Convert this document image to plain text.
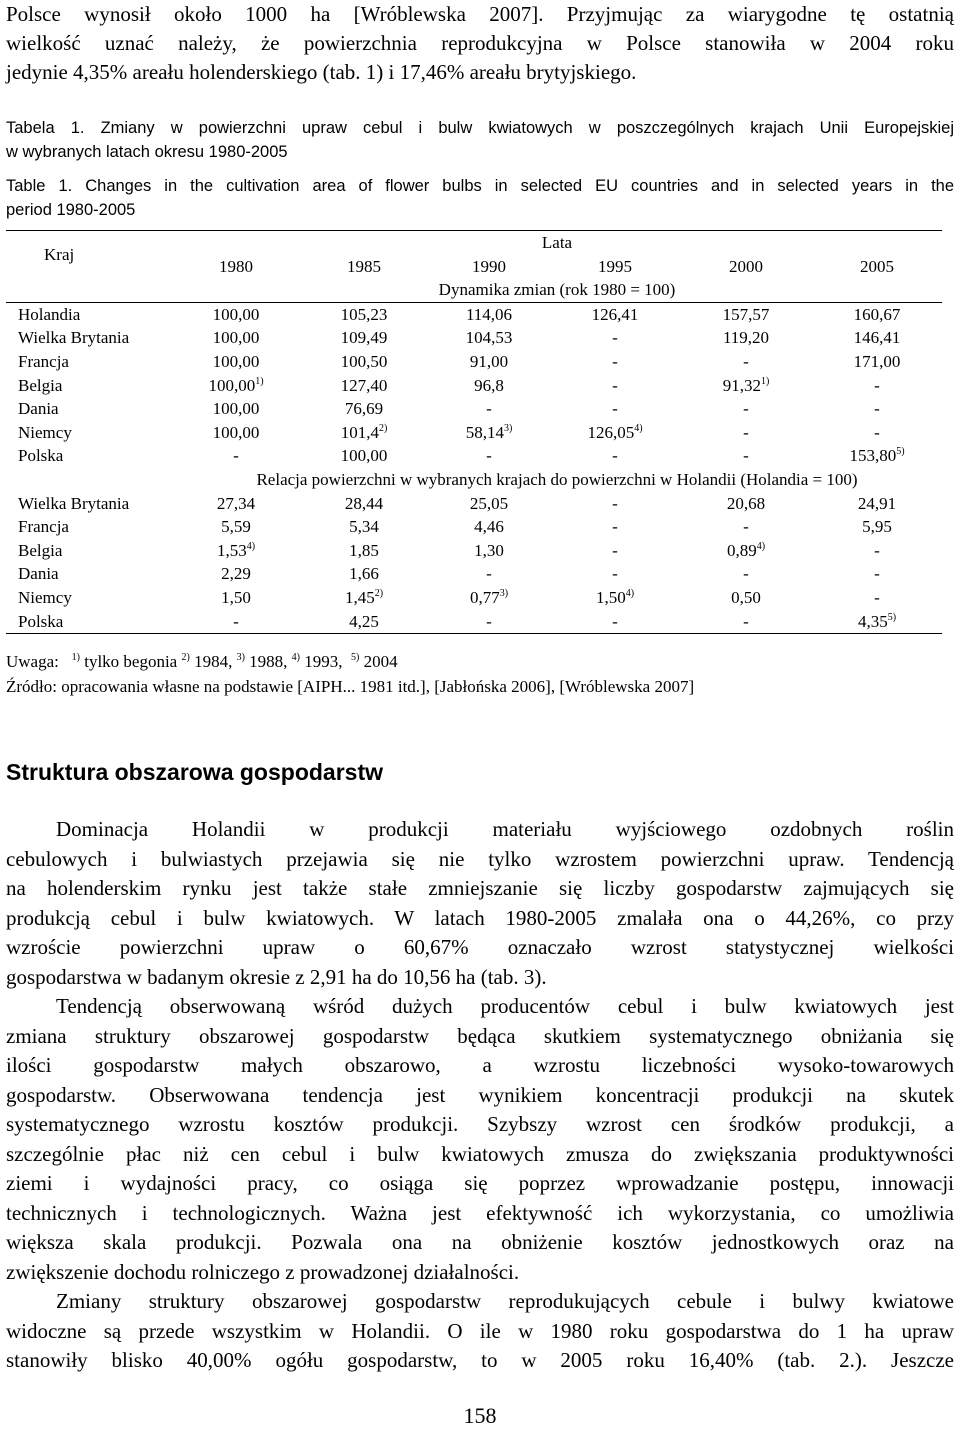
Polsce wynosił około 1000 ha [Wróblewska 2007]. Przyjmując za wiarygodne tę ostatnią
wielkość uznać należy, że powierzchnia reprodukcyjna w Polsce stanowiła w 2004 roku
jedynie 4,35% areału holenderskiego (tab. 1) i 17,46% areału brytyjskiego.

Tabela 1. Zmiany w powierzchni upraw cebul i bulw kwiatowych w poszczególnych krajach Unii Europejskiej
w wybranych latach okresu 1980-2005

Table 1. Changes in the cultivation area of flower bulbs in selected EU countries and in selected years in the
period 1980-2005

Kraj	Lata					
	1980	1985	1990	1995	2000	2005
	Dynamika zmian (rok 1980 = 100)					
Holandia	100,00	105,23	114,06	126,41	157,57	160,67
Wielka Brytania	100,00	109,49	104,53	-	119,20	146,41
Francja	100,00	100,50	91,00	-	-	171,00
Belgia	100,00$^{1)}$	127,40	96,8	-	91,32$^{1)}$	-
Dania	100,00	76,69	-	-	-	-
Niemcy	100,00	101,4$^{2)}$	58,14$^{3)}$	126,05$^{4)}$	-	-
Polska	-	100,00	-	-	-	153,80$^{5)}$
	Relacja powierzchni w wybranych krajach do powierzchni w Holandii (Holandia = 100)					
Wielka Brytania	27,34	28,44	25,05	-	20,68	24,91
Francja	5,59	5,34	4,46	-	-	5,95
Belgia	1,53$^{4)}$	1,85	1,30	-	0,89$^{4)}$	-
Dania	2,29	1,66	-	-	-	-
Niemcy	1,50	1,45$^{2)}$	0,77$^{3)}$	1,50$^{4)}$	0,50	-
Polska	-	4,25	-	-	-	4,35$^{5)}$

Uwaga: $^{1)}$ tylko begonia $^{2)}$ 1984, $^{3)}$ 1988, $^{4)}$ 1993, $^{5)}$ 2004

Źródło: opracowania własne na podstawie [AIPH... 1981 itd.], [Jabłońska 2006], [Wróblewska 2007]

Struktura obszarowa gospodarstw
Dominacja Holandii w produkcji materiału wyjściowego ozdobnych roślin
cebulowych i bulwiastych przejawia się nie tylko wzrostem powierzchni upraw. Tendencją
na holenderskim rynku jest także stałe zmniejszanie się liczby gospodarstw zajmujących się
produkcją cebul i bulw kwiatowych. W latach 1980-2005 zmalała ona o 44,26%, co przy
wzroście powierzchni upraw o 60,67% oznaczało wzrost statystycznej wielkości
gospodarstwa w badanym okresie z 2,91 ha do 10,56 ha (tab. 3).
Tendencją obserwowaną wśród dużych producentów cebul i bulw kwiatowych jest
zmiana struktury obszarowej gospodarstw będąca skutkiem systematycznego obniżania się
ilości gospodarstw małych obszarowo, a wzrostu liczebności wysoko-towarowych
gospodarstw. Obserwowana tendencja jest wynikiem koncentracji produkcji na skutek
systematycznego wzrostu kosztów produkcji. Szybszy wzrost cen środków produkcji, a
szczególnie płac niż cen cebul i bulw kwiatowych zmusza do zwiększania produktywności
ziemi i wydajności pracy, co osiąga się poprzez wprowadzanie postępu, innowacji
technicznych i technologicznych. Ważna jest efektywność ich wykorzystania, co umożliwia
większa skala produkcji. Pozwala ona na obniżenie kosztów jednostkowych oraz na
zwiększenie dochodu rolniczego z prowadzonej działalności.
Zmiany struktury obszarowej gospodarstw reprodukujących cebule i bulwy kwiatowe
widoczne są przede wszystkim w Holandii. O ile w 1980 roku gospodarstwa do 1 ha upraw
stanowiły blisko 40,00% ogółu gospodarstw, to w 2005 roku 16,40% (tab. 2.). Jeszcze
158
